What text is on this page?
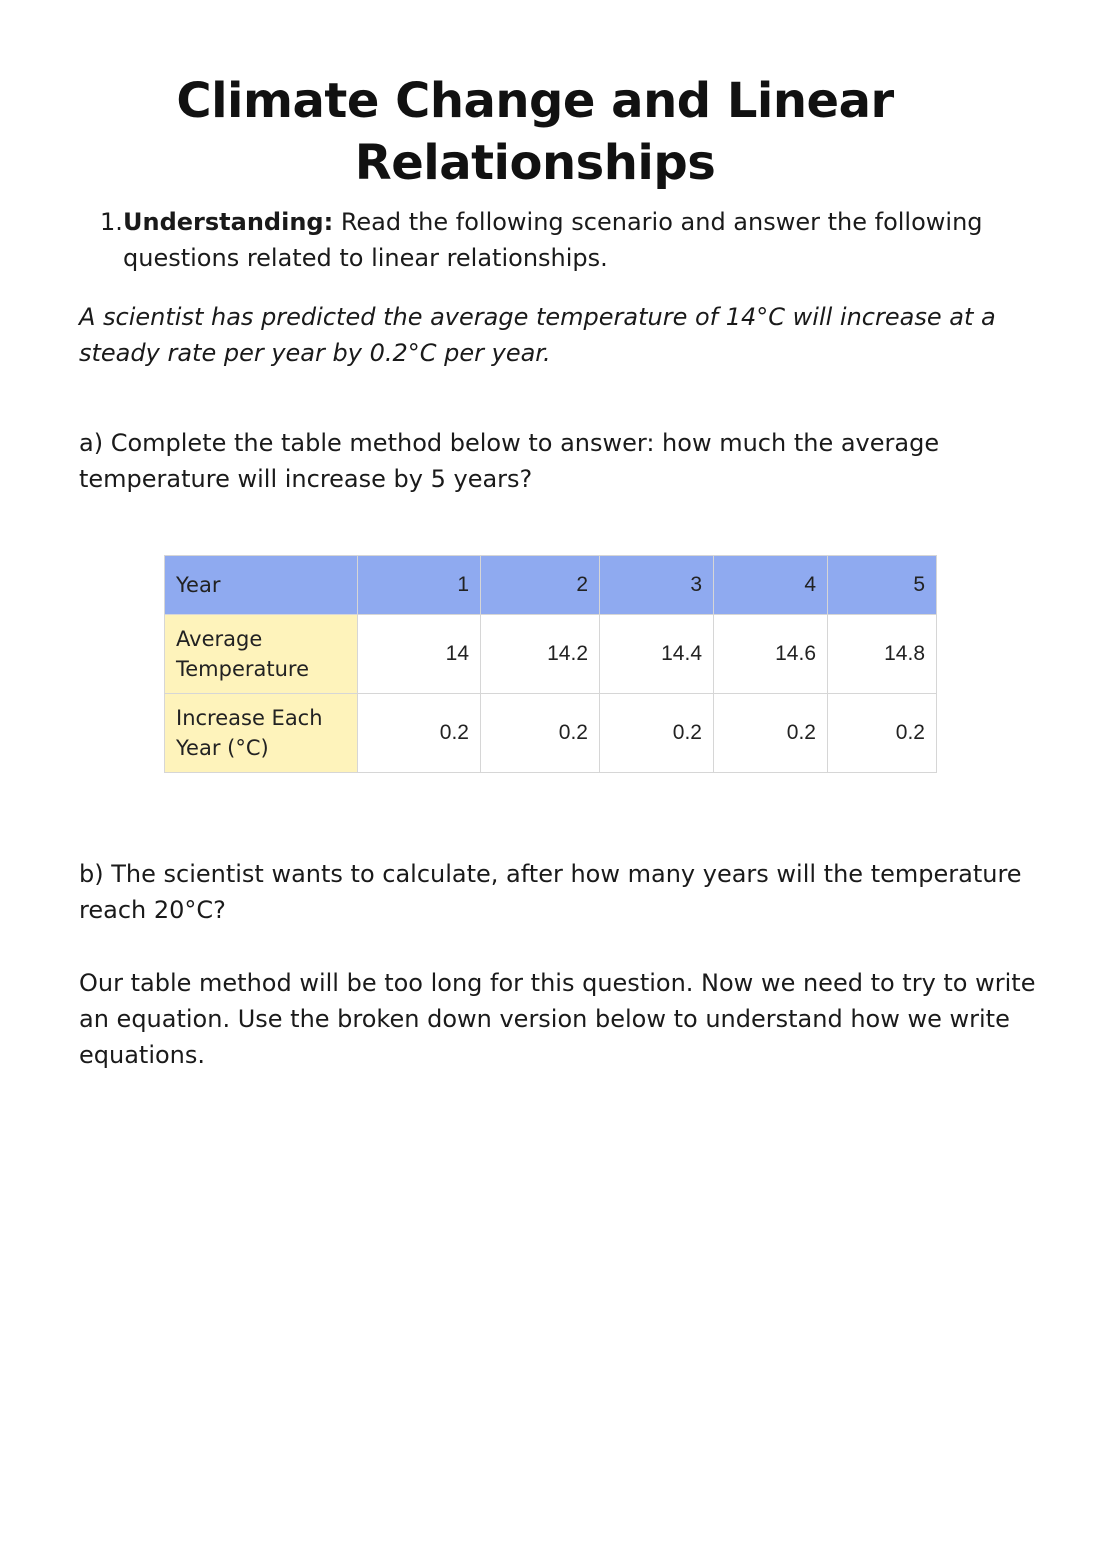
Climate Change and Linear Relationships
1. Understanding: Read the following scenario and answer the following questions related to linear relationships.

A scientist has predicted the average temperature of 14°C will increase at a steady rate per year by 0.2°C per year.

a) Complete the table method below to answer: how much the average temperature will increase by 5 years?

Year	1	2	3	4	5
Average Temperature	14	14.2	14.4	14.6	14.8
Increase Each Year (°C)	0.2	0.2	0.2	0.2	0.2

b) The scientist wants to calculate, after how many years will the temperature reach 20°C?

Our table method will be too long for this question. Now we need to try to write an equation. Use the broken down version below to understand how we write equations.
